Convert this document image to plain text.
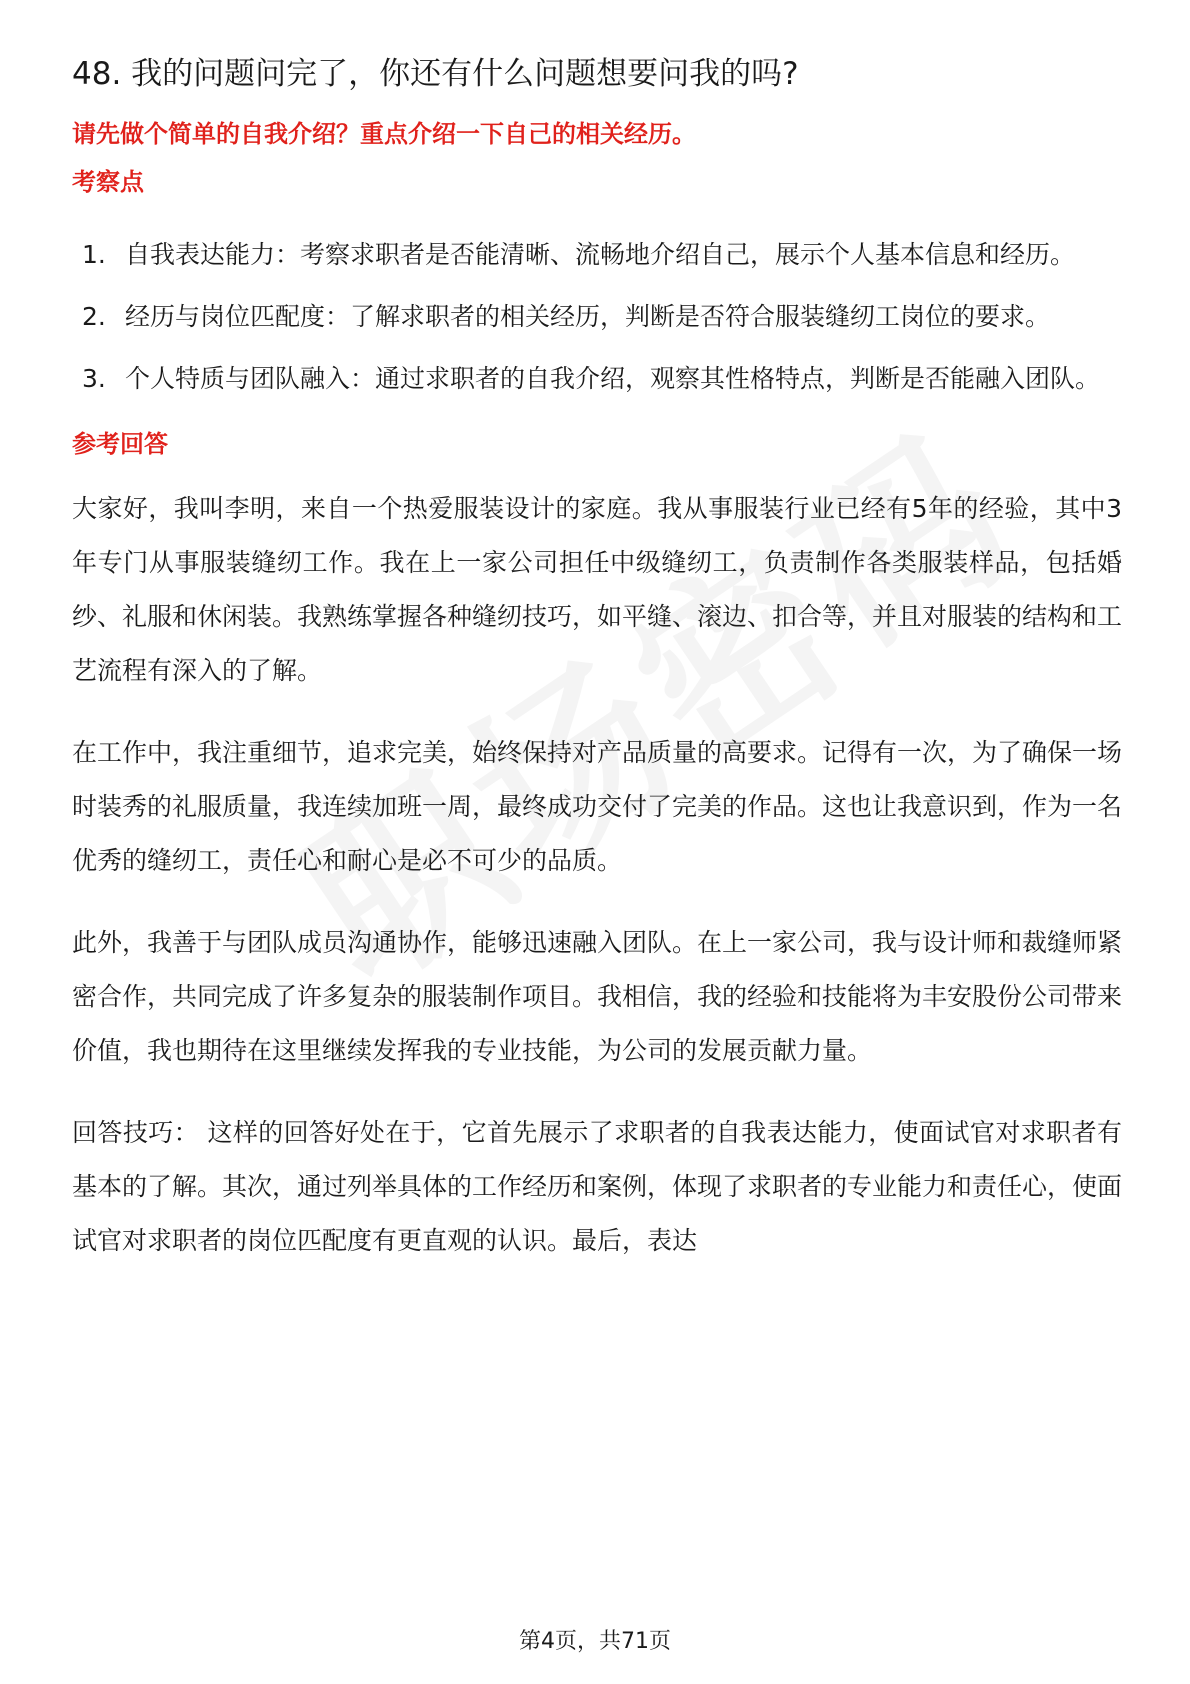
48. 我的问题问完了，你还有什么问题想要问我的吗?
请先做个简单的自我介绍？重点介绍一下自己的相关经历。
考察点
1. 自我表达能力：考察求职者是否能清晰、流畅地介绍自己，展示个人基本信息和经历。
2. 经历与岗位匹配度：了解求职者的相关经历，判断是否符合服装缝纫工岗位的要求。
3. 个人特质与团队融入：通过求职者的自我介绍，观察其性格特点，判断是否能融入团队。
参考回答

大家好，我叫李明，来自一个热爱服装设计的家庭。我从事服装行业已经有5年的经验，其中3年专门从事服装缝纫工作。我在上一家公司担任中级缝纫工，负责制作各类服装样品，包括婚纱、礼服和休闲装。我熟练掌握各种缝纫技巧，如平缝、滚边、扣合等，并且对服装的结构和工艺流程有深入的了解。

在工作中，我注重细节，追求完美，始终保持对产品质量的高要求。记得有一次，为了确保一场时装秀的礼服质量，我连续加班一周，最终成功交付了完美的作品。这也让我意识到，作为一名优秀的缝纫工，责任心和耐心是必不可少的品质。

此外，我善于与团队成员沟通协作，能够迅速融入团队。在上一家公司，我与设计师和裁缝师紧密合作，共同完成了许多复杂的服装制作项目。我相信，我的经验和技能将为丰安股份公司带来价值，我也期待在这里继续发挥我的专业技能，为公司的发展贡献力量。

回答技巧： 这样的回答好处在于，它首先展示了求职者的自我表达能力，使面试官对求职者有基本的了解。其次，通过列举具体的工作经历和案例，体现了求职者的专业能力和责任心，使面试官对求职者的岗位匹配度有更直观的认识。最后，表达

第4页，共71页
